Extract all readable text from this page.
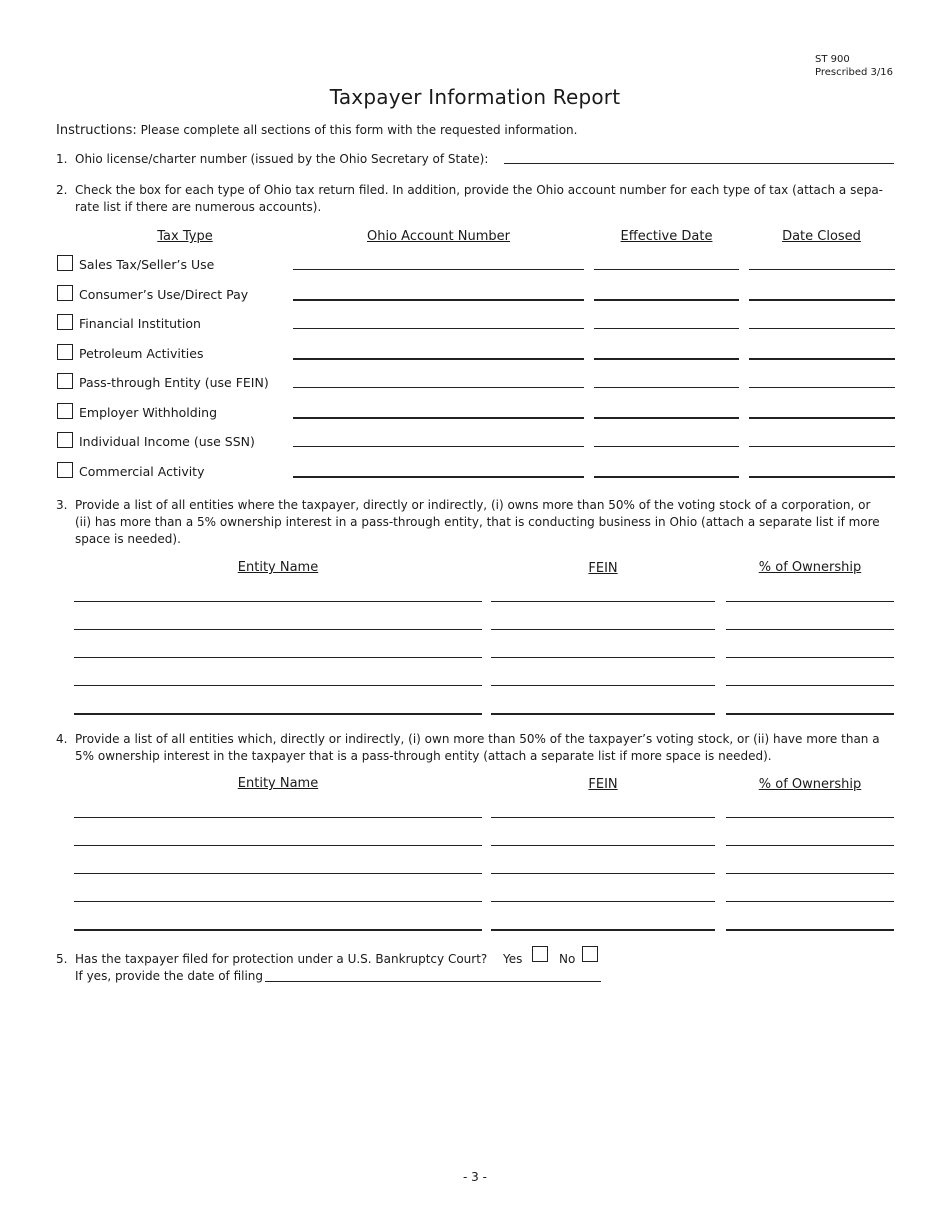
ST 900
Prescribed 3/16
Taxpayer Information Report
Instructions: Please complete all sections of this form with the requested information.
1. Ohio license/charter number (issued by the Ohio Secretary of State):
2. Check the box for each type of Ohio tax return filed. In addition, provide the Ohio account number for each type of tax (attach a sepa-
rate list if there are numerous accounts).
Tax Type	Ohio Account Number	Effective Date	Date Closed
Sales Tax/Seller’s Use
Consumer’s Use/Direct Pay
Financial Institution
Petroleum Activities
Pass-through Entity (use FEIN)
Employer Withholding
Individual Income (use SSN)
Commercial Activity
3. Provide a list of all entities where the taxpayer, directly or indirectly, (i) owns more than 50% of the voting stock of a corporation, or
(ii) has more than a 5% ownership interest in a pass-through entity, that is conducting business in Ohio (attach a separate list if more
space is needed).
Entity Name	FEIN	% of Ownership
4. Provide a list of all entities which, directly or indirectly, (i) own more than 50% of the taxpayer’s voting stock, or (ii) have more than a
5% ownership interest in the taxpayer that is a pass-through entity (attach a separate list if more space is needed).
Entity Name	FEIN	% of Ownership
5. Has the taxpayer filed for protection under a U.S. Bankruptcy Court? Yes	No
If yes, provide the date of filing
- 3 -
